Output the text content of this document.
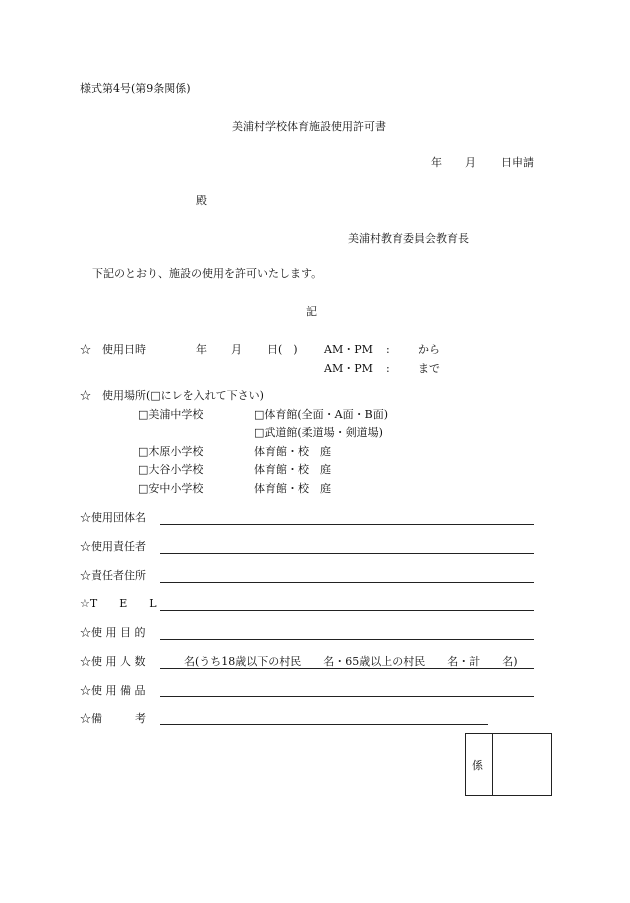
様式第4号(第9条関係)
美浦村学校体育施設使用許可書
年 月 日申請
殿
美浦村教育委員会教育長
下記のとおり、施設の使用を許可いたします。
記
☆　使用日時	年 月 日(　) AM・PM :	から
AM・PM :	まで
☆　使用場所(□にレを入れて下さい)
□美浦中学校	□体育館(全面・A面・B面)
□武道館(柔道場・剣道場)
□木原小学校	体育館・校　庭
□大谷小学校	体育館・校　庭
□安中小学校	体育館・校　庭
☆使用団体名
☆使用責任者
☆責任者住所
☆T　　E　　L
☆使 用 目 的
☆使 用 人 数	名(うち18歳以下の村民　　名・65歳以上の村民　　名・計　　名)
☆使 用 備 品
☆備　　　考
係
